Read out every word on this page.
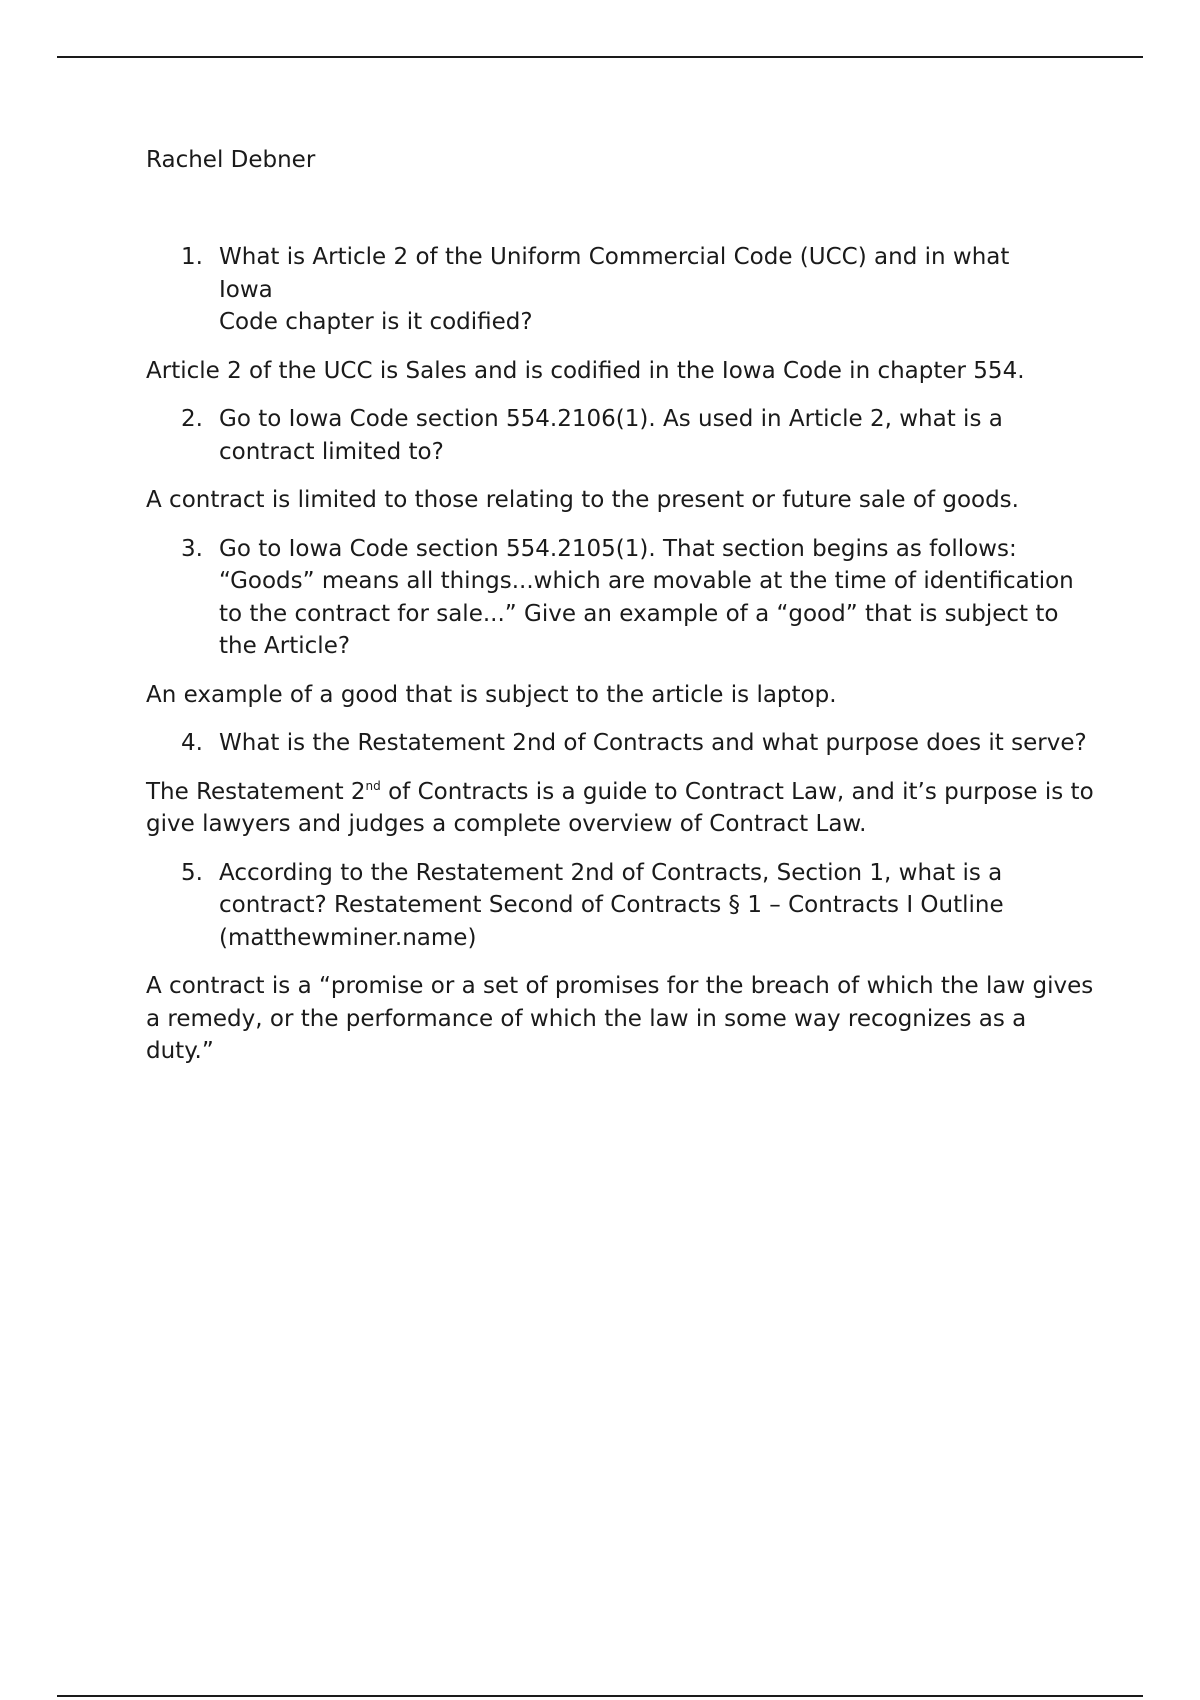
Rachel Debner

1. What is Article 2 of the Uniform Commercial Code (UCC) and in what
Iowa
Code chapter is it codified?

Article 2 of the UCC is Sales and is codified in the Iowa Code in chapter 554.

2. Go to Iowa Code section 554.2106(1). As used in Article 2, what is a contract limited to?

A contract is limited to those relating to the present or future sale of goods.

3. Go to Iowa Code section 554.2105(1). That section begins as follows: “Goods” means all things...which are movable at the time of identification to the contract for sale...” Give an example of a “good” that is subject to the Article?

An example of a good that is subject to the article is laptop.

4. What is the Restatement 2nd of Contracts and what purpose does it serve?

The Restatement 2nd of Contracts is a guide to Contract Law, and it’s purpose is to give lawyers and judges a complete overview of Contract Law.

5. According to the Restatement 2nd of Contracts, Section 1, what is a contract? Restatement Second of Contracts § 1 – Contracts I Outline (matthewminer.name)

A contract is a “promise or a set of promises for the breach of which the law gives a remedy, or the performance of which the law in some way recognizes as a duty.”
